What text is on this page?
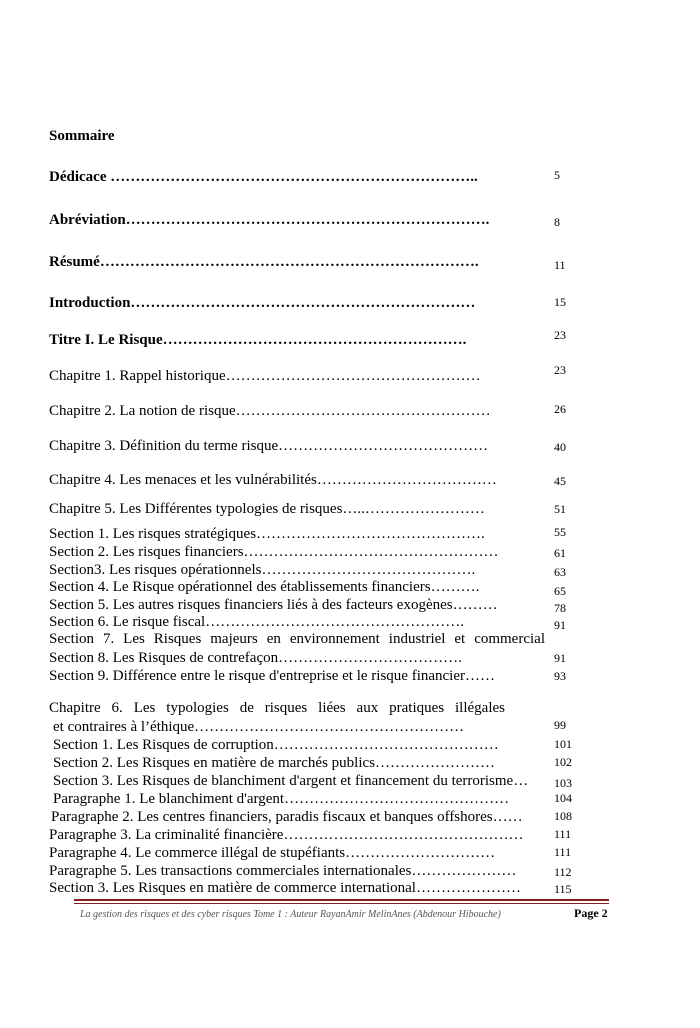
Sommaire
Dédicace ………………………………………………………………..	5
Abréviation……………………………………………………………….	8
Résumé………………………………………………………………….	11
Introduction……………………………………………………………	15
Titre I. Le Risque…………………………………………………….	23
Chapitre 1. Rappel historique……………………………………………	23
Chapitre 2. La notion de risque……………………………………………	26
Chapitre 3. Définition du terme risque……………………………………	40
Chapitre 4. Les menaces et les vulnérabilités………………………………	45
Chapitre 5. Les Différentes typologies de risques…..……………………	51
Section 1. Les risques stratégiques……………………………………….	55
Section 2. Les risques financiers……………………………………………	61
Section3. Les risques opérationnels…………………………………….	63
Section 4. Le Risque opérationnel des établissements financiers……….	65
Section 5. Les autres risques financiers liés à des facteurs exogènes………	78
Section 6. Le risque fiscal…………………………………………….	91
Section 7. Les Risques majeurs en environnement industriel et commercial
Section 8. Les Risques de contrefaçon……………………………….	91
Section 9. Différence entre le risque d'entreprise et le risque financier……	93
Chapitre 6. Les typologies de risques liées aux pratiques illégales
et contraires à l’éthique………………………………………………	99
Section 1. Les Risques de corruption………………………………………	101
Section 2. Les Risques en matière de marchés publics……………………	102
Section 3. Les Risques de blanchiment d'argent et financement du terrorisme…	103
Paragraphe 1. Le blanchiment d'argent………………………………………	104
Paragraphe 2. Les centres financiers, paradis fiscaux et banques offshores……	108
Paragraphe 3. La criminalité financière…………………………………………	111
Paragraphe 4. Le commerce illégal de stupéfiants…………………………	111
Paragraphe 5. Les transactions commerciales internationales…………………	112
Section 3. Les Risques en matière de commerce international…………………	115
La gestion des risques et des cyber risques Tome 1 : Auteur RayanAmir MelinAnes (Abdenour Hibouche)	Page 2
